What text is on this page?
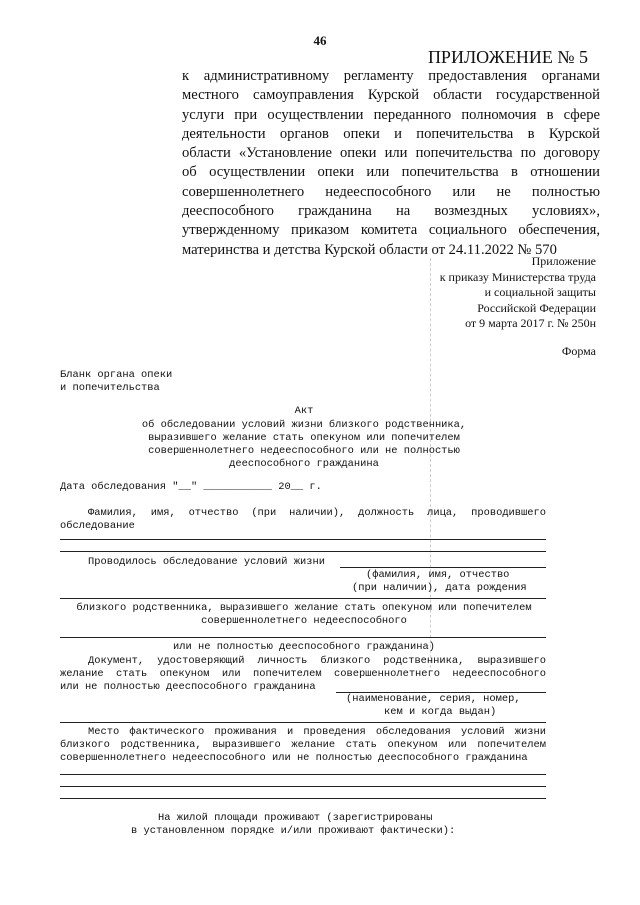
46
ПРИЛОЖЕНИЕ № 5
к административному регламенту предоставления органами
местного самоуправления Курской области государственной
услуги при осуществлении переданного полномочия в сфере
деятельности органов опеки и попечительства в Курской
области «Установление опеки или попечительства по договору
об осуществлении опеки или попечительства в отношении
совершеннолетнего недееспособного или не полностью
дееспособного гражданина на возмездных условиях»,
утвержденному приказом комитета социального обеспечения,
материнства и детства Курской области от 24.11.2022 № 570
Приложение
к приказу Министерства труда
и социальной защиты
Российской Федерации
от 9 марта 2017 г. № 250н
Форма
Бланк органа опеки
и попечительства
Акт
об обследовании условий жизни близкого родственника,
выразившего желание стать опекуном или попечителем
совершеннолетнего недееспособного или не полностью
дееспособного гражданина
Дата обследования "__" ___________ 20__ г.
Фамилия, имя, отчество (при наличии), должность лица, проводившего
обследование
Проводилось обследование условий жизни
(фамилия, имя, отчество
(при наличии), дата рождения
близкого родственника, выразившего желание стать опекуном или попечителем
совершеннолетнего недееспособного
или не полностью дееспособного гражданина)
Документ, удостоверяющий личность близкого родственника, выразившего
желание стать опекуном или попечителем совершеннолетнего недееспособного
или не полностью дееспособного гражданина
(наименование, серия, номер,
кем и когда выдан)
Место фактического проживания и проведения обследования условий жизни
близкого родственника, выразившего желание стать опекуном или попечителем
совершеннолетнего недееспособного или не полностью дееспособного гражданина
На жилой площади проживают (зарегистрированы
в установленном порядке и/или проживают фактически):
